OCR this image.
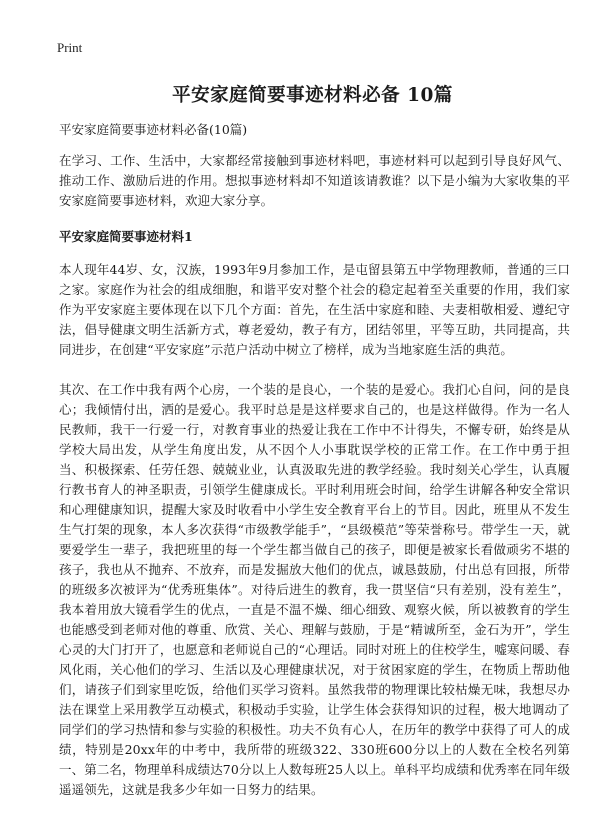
Print

平安家庭简要事迹材料必备 10篇

平安家庭简要事迹材料必备(10篇)

在学习、工作、生活中，大家都经常接触到事迹材料吧，事迹材料可以起到引导良好风气、推动工作、激励后进的作用。想拟事迹材料却不知道该请教谁？以下是小编为大家收集的平安家庭简要事迹材料，欢迎大家分享。

平安家庭简要事迹材料1

本人现年44岁、女，汉族，1993年9月参加工作，是屯留县第五中学物理教师，普通的三口之家。家庭作为社会的组成细胞，和谐平安对整个社会的稳定起着至关重要的作用，我们家作为平安家庭主要体现在以下几个方面：首先，在生活中家庭和睦、夫妻相敬相爱、遵纪守法，倡导健康文明生活新方式，尊老爱幼，教子有方，团结邻里，平等互助，共同提高，共同进步，在创建“平安家庭”示范户活动中树立了榜样，成为当地家庭生活的典范。

其次、在工作中我有两个心房，一个装的是良心，一个装的是爱心。我扪心自问，问的是良心；我倾情付出，洒的是爱心。我平时总是是这样要求自己的，也是这样做得。作为一名人民教师，我干一行爱一行，对教育事业的热爱让我在工作中不计得失，不懈专研，始终是从学校大局出发，从学生角度出发，从不因个人小事耽误学校的正常工作。在工作中勇于担当、积极探索、任劳任怨、兢兢业业，认真汲取先进的教学经验。我时刻关心学生，认真履行教书育人的神圣职责，引领学生健康成长。平时利用班会时间，给学生讲解各种安全常识和心理健康知识，提醒大家及时收看中小学生安全教育平台上的节目。因此，班里从不发生生气打架的现象，本人多次获得“市级教学能手”，“县级模范”等荣誉称号。带学生一天，就要爱学生一辈子，我把班里的每一个学生都当做自己的孩子，即便是被家长看做顽劣不堪的孩子，我也从不抛弃、不放弃，而是发掘放大他们的优点，诚恳鼓励，付出总有回报，所带的班级多次被评为“优秀班集体”。对待后进生的教育，我一贯坚信“只有差别，没有差生”，我本着用放大镜看学生的优点，一直是不温不燥、细心细致、观察火候，所以被教育的学生也能感受到老师对他的尊重、欣赏、关心、理解与鼓励，于是“精诚所至，金石为开”，学生心灵的大门打开了，也愿意和老师说自己的“心理话。同时对班上的住校学生，嘘寒问暖、春风化雨，关心他们的学习、生活以及心理健康状况，对于贫困家庭的学生，在物质上帮助他们，请孩子们到家里吃饭，给他们买学习资料。虽然我带的物理课比较枯燥无味，我想尽办法在课堂上采用教学互动模式，积极动手实验，让学生体会获得知识的过程，极大地调动了同学们的学习热情和参与实验的积极性。功夫不负有心人，在历年的教学中获得了可人的成绩，特别是20xx年的中考中，我所带的班级322、330班600分以上的人数在全校名列第一、第二名，物理单科成绩达70分以上人数每班25人以上。单科平均成绩和优秀率在同年级遥遥领先，这就是我多少年如一日努力的结果。
